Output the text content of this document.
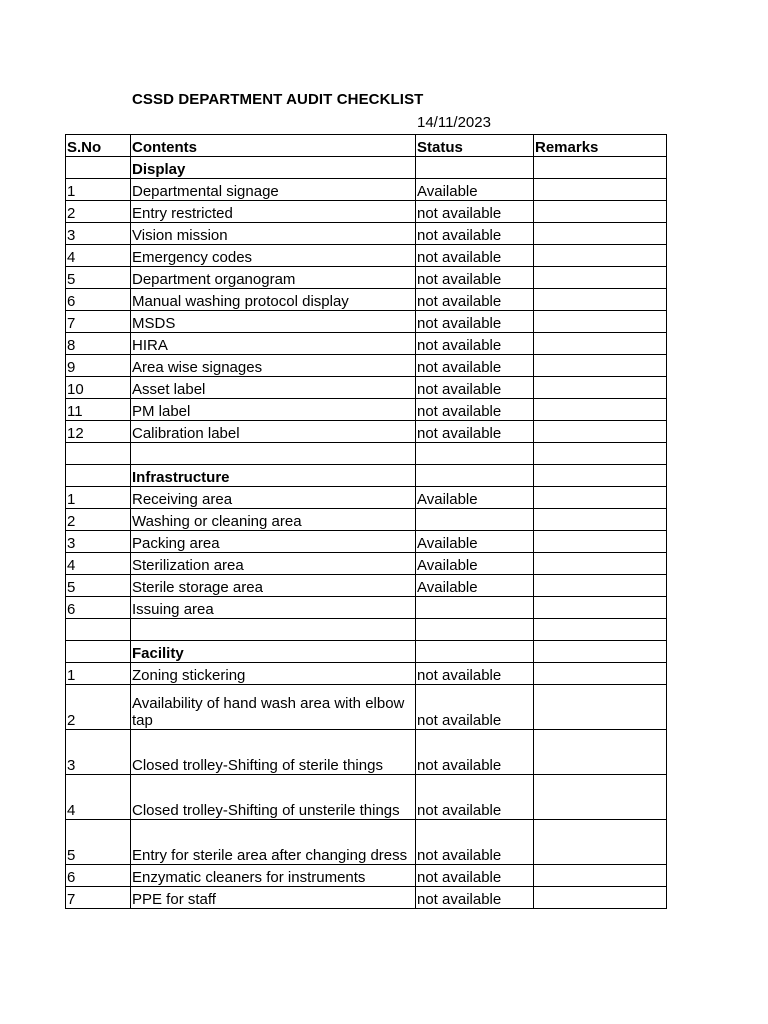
CSSD DEPARTMENT AUDIT CHECKLIST
14/11/2023
S.No	Contents	Status	Remarks
	Display		
1	Departmental signage	Available	
2	Entry restricted	not available	
3	Vision mission	not available	
4	Emergency codes	not available	
5	Department organogram	not available	
6	Manual washing protocol display	not available	
7	MSDS	not available	
8	HIRA	not available	
9	Area wise signages	not available	
10	Asset label	not available	
11	PM label	not available	
12	Calibration label	not available	

	Infrastructure		
1	Receiving area	Available	
2	Washing or cleaning area		
3	Packing area	Available	
4	Sterilization area	Available	
5	Sterile storage area	Available	
6	Issuing area		

	Facility		
1	Zoning stickering	not available	
2	Availability of hand wash area with elbow tap	not available	
3	Closed trolley-Shifting of sterile things	not available	
4	Closed trolley-Shifting of unsterile things	not available	
5	Entry for sterile area after changing dress	not available	
6	Enzymatic cleaners for instruments	not available	
7	PPE for staff	not available	
